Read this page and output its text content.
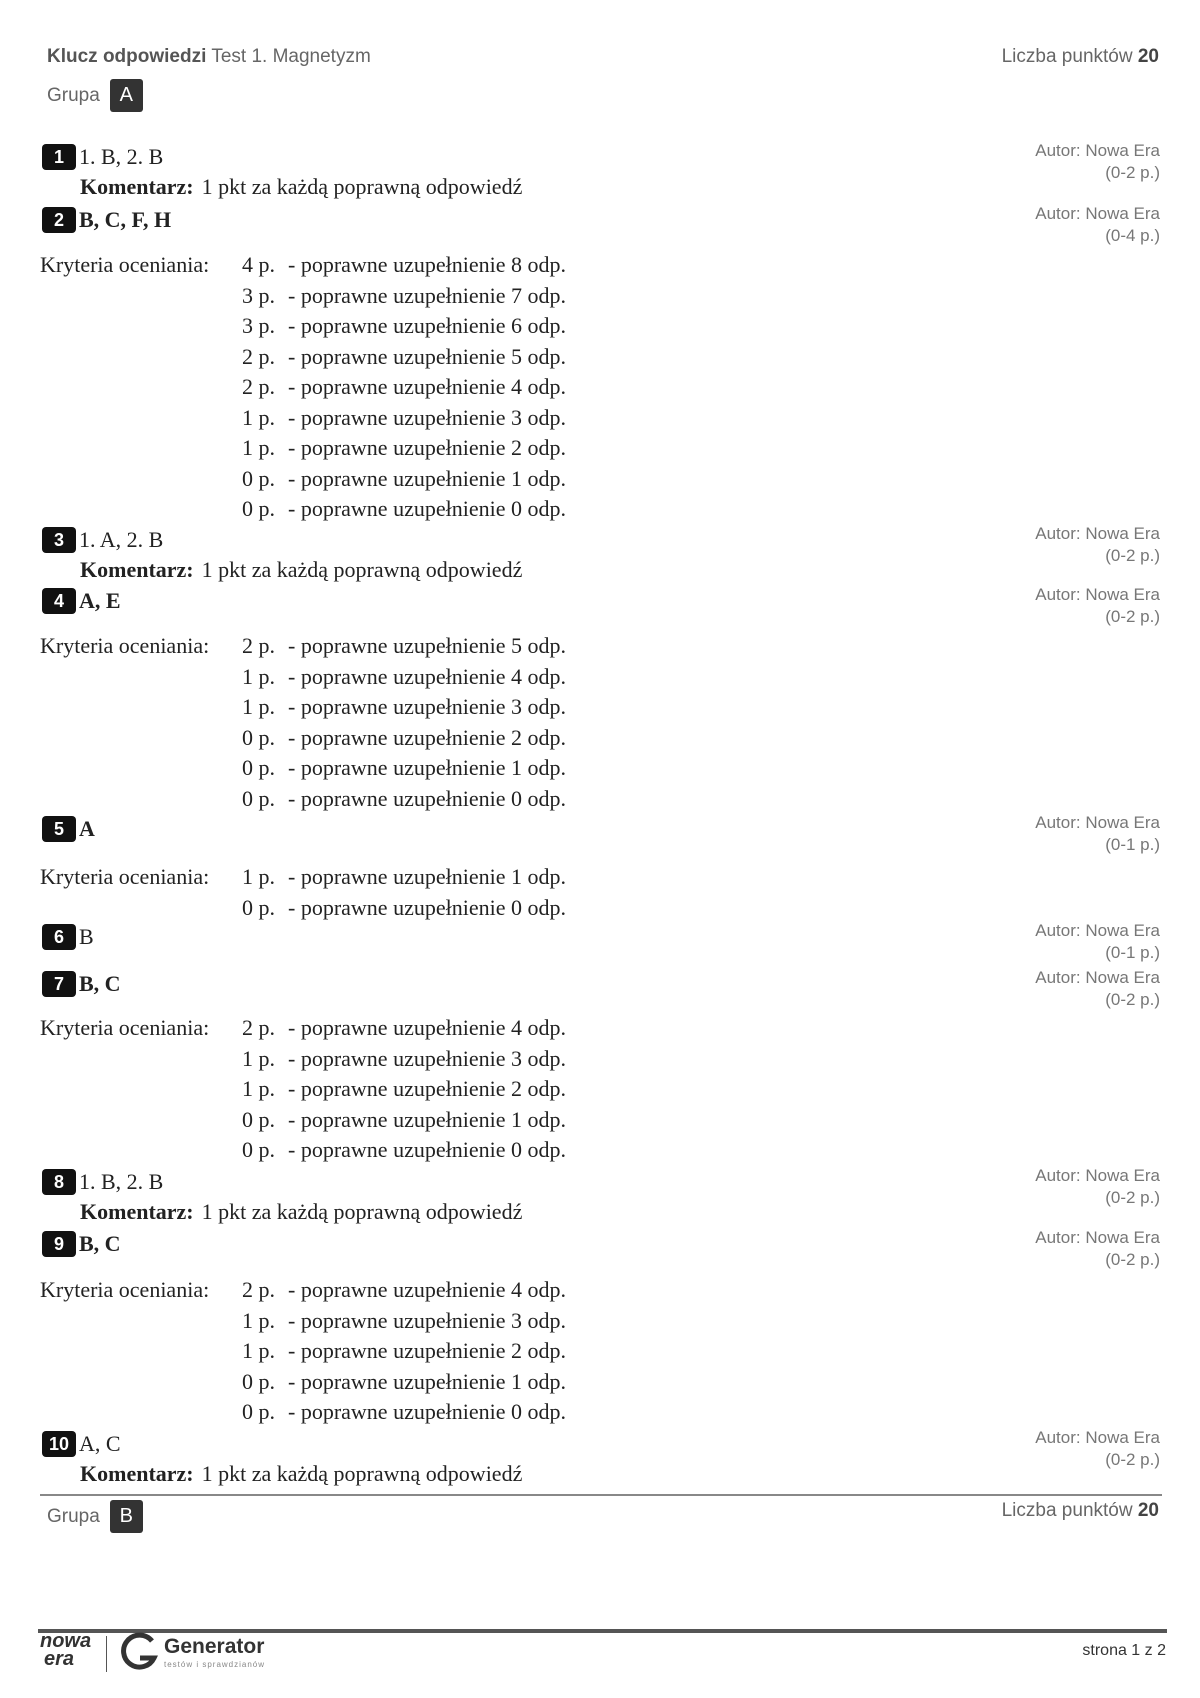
Klucz odpowiedzi Test 1. Magnetyzm	Liczba punktów 20
Grupa A
1 1. B, 2. B
Komentarz: 1 pkt za każdą poprawną odpowiedź
Autor: Nowa Era
(0-2 p.)
2 B, C, F, H	Autor: Nowa Era
(0-4 p.)
Kryteria oceniania:	4 p. - poprawne uzupełnienie 8 odp.
3 p. - poprawne uzupełnienie 7 odp.
3 p. - poprawne uzupełnienie 6 odp.
2 p. - poprawne uzupełnienie 5 odp.
2 p. - poprawne uzupełnienie 4 odp.
1 p. - poprawne uzupełnienie 3 odp.
1 p. - poprawne uzupełnienie 2 odp.
0 p. - poprawne uzupełnienie 1 odp.
0 p. - poprawne uzupełnienie 0 odp.
3 1. A, 2. B
Komentarz: 1 pkt za każdą poprawną odpowiedź
Autor: Nowa Era
(0-2 p.)
4 A, E	Autor: Nowa Era
(0-2 p.)
Kryteria oceniania:	2 p. - poprawne uzupełnienie 5 odp.
1 p. - poprawne uzupełnienie 4 odp.
1 p. - poprawne uzupełnienie 3 odp.
0 p. - poprawne uzupełnienie 2 odp.
0 p. - poprawne uzupełnienie 1 odp.
0 p. - poprawne uzupełnienie 0 odp.
5 A	Autor: Nowa Era
(0-1 p.)
Kryteria oceniania:	1 p. - poprawne uzupełnienie 1 odp.
0 p. - poprawne uzupełnienie 0 odp.
6 B	Autor: Nowa Era
(0-1 p.)
7 B, C	Autor: Nowa Era
(0-2 p.)
Kryteria oceniania:	2 p. - poprawne uzupełnienie 4 odp.
1 p. - poprawne uzupełnienie 3 odp.
1 p. - poprawne uzupełnienie 2 odp.
0 p. - poprawne uzupełnienie 1 odp.
0 p. - poprawne uzupełnienie 0 odp.
8 1. B, 2. B
Komentarz: 1 pkt za każdą poprawną odpowiedź
Autor: Nowa Era
(0-2 p.)
9 B, C	Autor: Nowa Era
(0-2 p.)
Kryteria oceniania:	2 p. - poprawne uzupełnienie 4 odp.
1 p. - poprawne uzupełnienie 3 odp.
1 p. - poprawne uzupełnienie 2 odp.
0 p. - poprawne uzupełnienie 1 odp.
0 p. - poprawne uzupełnienie 0 odp.
10 A, C
Komentarz: 1 pkt za każdą poprawną odpowiedź
Autor: Nowa Era
(0-2 p.)
Grupa B	Liczba punktów 20
nowa
era
Generator
testów i sprawdzianów
strona 1 z 2
